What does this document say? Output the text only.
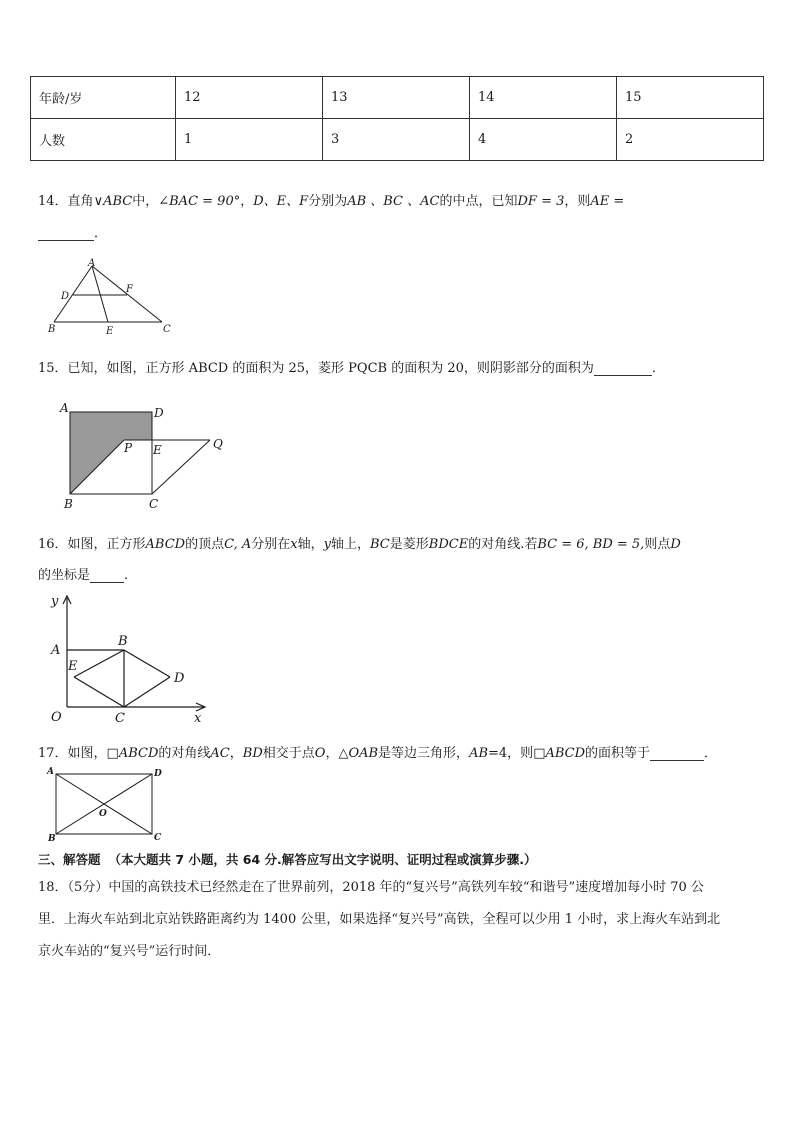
年龄/岁	12	13	14	15
人数	1	3	4	2
14．直角∨ABC中，∠BAC = 90°，D、E、F分别为AB 、BC 、AC的中点，已知DF = 3，则AE =
．
A
D
F
B	E	C
15．已知，如图，正方形 ABCD 的面积为 25，菱形 PQCB 的面积为 20，则阴影部分的面积为	．
A	D
P E	Q
B	C
16．如图，正方形ABCD的顶点C, A分别在x轴，y轴上，BC是菱形BDCE的对角线.若BC = 6, BD = 5,则点D
的坐标是	.
y
A
B
E
D
O	C	x
17．如图，□ABCD的对角线AC，BD相交于点O，△OAB是等边三角形，AB=4，则□ABCD的面积等于	．
A	D
O
B	C
三、解答题 （本大题共 7 小题，共 64 分.解答应写出文字说明、证明过程或演算步骤.）
18．（5分）中国的高铁技术已经然走在了世界前列，2018 年的“复兴号”高铁列车较“和谐号”速度增加每小时 70 公
里．上海火车站到北京站铁路距离约为 1400 公里，如果选择“复兴号”高铁，全程可以少用 1 小时，求上海火车站到北
京火车站的“复兴号”运行时间．
